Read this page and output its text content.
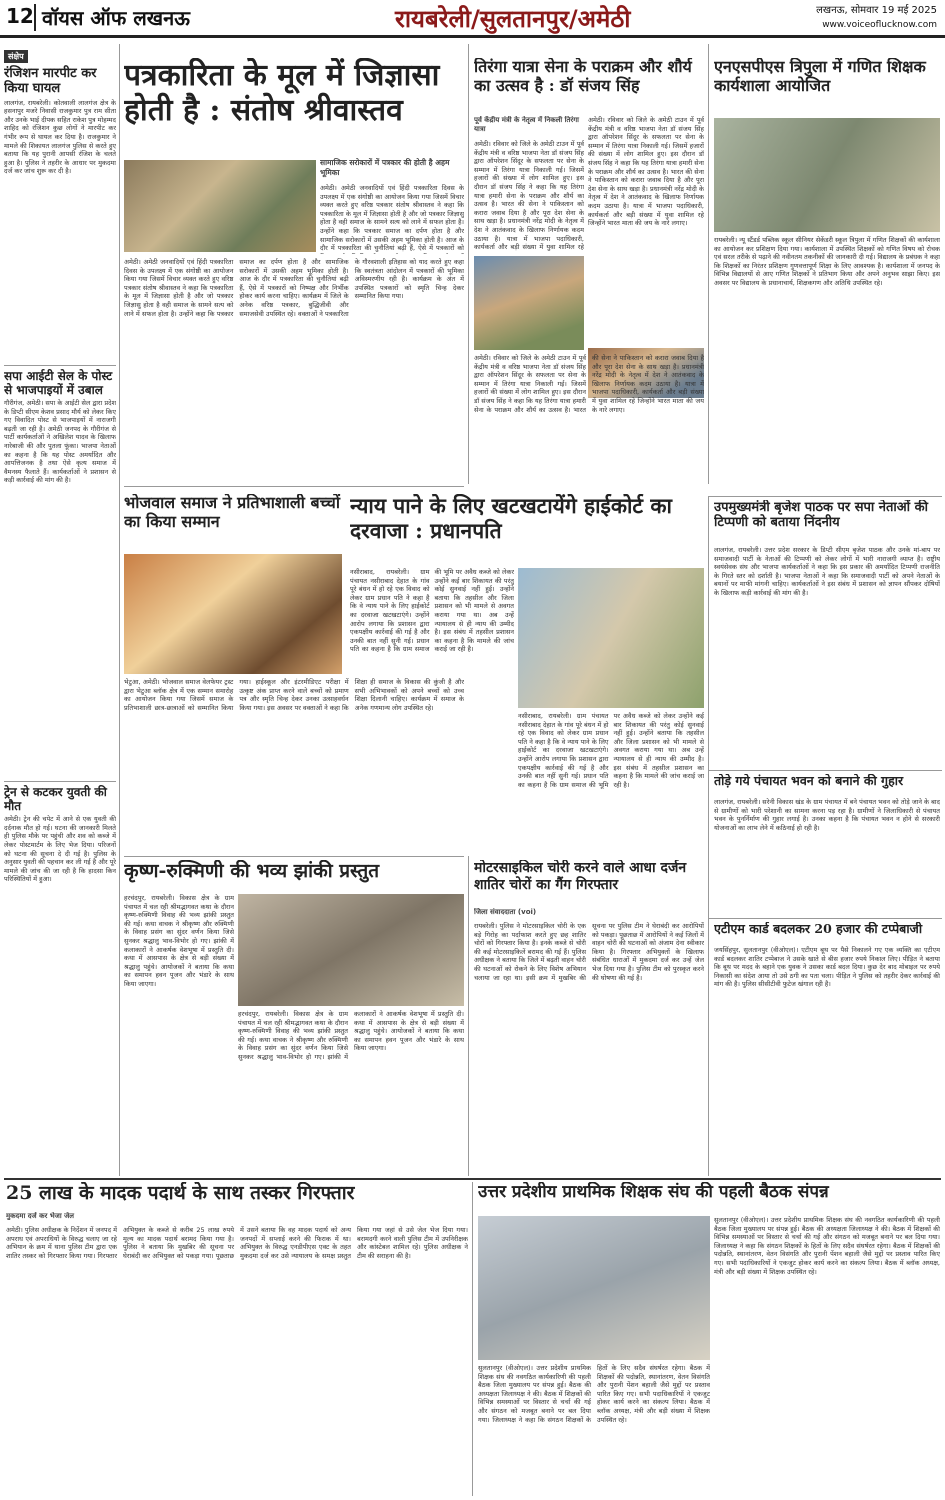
12 वॉयस ऑफ लखनऊ	रायबरेली/सुलतानपुर/अमेठी	लखनऊ, सोमवार 19 मई 2025
www.voiceoflucknow.com
संक्षेप
रंजिशन मारपीट कर किया घायल
लालगंज, रायबरेली। कोतवाली लालगंज क्षेत्र के हसनापुर मजरे निवासी राजकुमार पुत्र राम सीता और उनके भाई दीपक सहित राकेश पुत्र मोहम्मद शाहिद को रंजिशन कुछ लोगों ने मारपीट कर गंभीर रूप से घायल कर दिया है। राजकुमार ने मामले की शिकायत लालगंज पुलिस से करते हुए बताया कि यह पुरानी आपसी रंजिश के चलते हुआ है। पुलिस ने तहरीर के आधार पर मुकदमा दर्ज कर जांच शुरू कर दी है।
सपा आईटी सेल के पोस्ट से भाजपाइयों में उबाल
गौरीगंज, अमेठी। सपा के आईटी सेल द्वारा प्रदेश के डिप्टी सीएम केशव प्रसाद मौर्य को लेकर किए गए विवादित पोस्ट से भाजपाइयों में नाराजगी बढ़ती जा रही है। अमेठी जनपद के गौरीगंज से पार्टी कार्यकर्ताओं ने अखिलेश यादव के खिलाफ नारेबाजी की और पुतला फूंका। भाजपा नेताओं का कहना है कि यह पोस्ट अमर्यादित और आपत्तिजनक है तथा ऐसे कृत्य समाज में वैमनस्य फैलाते हैं। कार्यकर्ताओं ने प्रशासन से कड़ी कार्रवाई की मांग की है।
ट्रेन से कटकर युवती की मौत
अमेठी। ट्रेन की चपेट में आने से एक युवती की दर्दनाक मौत हो गई। घटना की जानकारी मिलते ही पुलिस मौके पर पहुंची और शव को कब्जे में लेकर पोस्टमार्टम के लिए भेज दिया। परिजनों को घटना की सूचना दे दी गई है। पुलिस के अनुसार युवती की पहचान कर ली गई है और पूरे मामले की जांच की जा रही है कि हादसा किन परिस्थितियों में हुआ।
पत्रकारिता के मूल में जिज्ञासा होती है : संतोष श्रीवास्तव
सामाजिक सरोकारों में पत्रकार की होती है अहम भूमिका
अमेठी। अमेठी जनवादियों एवं हिंदी पत्रकारिता दिवस के उपलक्ष्य में एक संगोष्ठी का आयोजन किया गया जिसमें विचार व्यक्त करते हुए वरिष्ठ पत्रकार संतोष श्रीवास्तव ने कहा कि पत्रकारिता के मूल में जिज्ञासा होती है और जो पत्रकार जिज्ञासु होता है वही समाज के सामने सत्य को लाने में सफल होता है। उन्होंने कहा कि पत्रकार समाज का दर्पण होता है और सामाजिक सरोकारों में उसकी अहम भूमिका होती है। आज के दौर में पत्रकारिता की चुनौतियां बढ़ी हैं, ऐसे में पत्रकारों को
अमेठी। अमेठी जनवादियों एवं हिंदी पत्रकारिता दिवस के उपलक्ष्य में एक संगोष्ठी का आयोजन किया गया जिसमें विचार व्यक्त करते हुए वरिष्ठ पत्रकार संतोष श्रीवास्तव ने कहा कि पत्रकारिता के मूल में जिज्ञासा होती है और जो पत्रकार जिज्ञासु होता है वही समाज के सामने सत्य को लाने में सफल होता है। उन्होंने कहा कि पत्रकार समाज का दर्पण होता है और सामाजिक सरोकारों में उसकी अहम भूमिका होती है। आज के दौर में पत्रकारिता की चुनौतियां बढ़ी हैं, ऐसे में पत्रकारों को निष्पक्ष और निर्भीक होकर कार्य करना चाहिए। कार्यक्रम में जिले के अनेक वरिष्ठ पत्रकार, बुद्धिजीवी और समाजसेवी उपस्थित रहे। वक्ताओं ने पत्रकारिता के गौरवशाली इतिहास को याद करते हुए कहा कि स्वतंत्रता आंदोलन में पत्रकारों की भूमिका अविस्मरणीय रही है। कार्यक्रम के अंत में उपस्थित पत्रकारों को स्मृति चिन्ह देकर सम्मानित किया गया।
तिरंगा यात्रा सेना के पराक्रम और शौर्य का उत्सव है : डॉ संजय सिंह
पूर्व केंद्रीय मंत्री के नेतृत्व में निकली तिरंगा यात्रा
अमेठी। रविवार को जिले के अमेठी टाउन में पूर्व केंद्रीय मंत्री व वरिष्ठ भाजपा नेता डॉ संजय सिंह द्वारा ऑपरेशन सिंदूर के सफलता पर सेना के सम्मान में तिरंगा यात्रा निकाली गई। जिसमें हजारों की संख्या में लोग शामिल हुए। इस दौरान डॉ संजय सिंह ने कहा कि यह तिरंगा यात्रा हमारी सेना के पराक्रम और शौर्य का उत्सव है। भारत की सेना ने पाकिस्तान को करारा जवाब दिया है और पूरा देश सेना के साथ खड़ा है। प्रधानमंत्री नरेंद्र मोदी के नेतृत्व में देश ने आतंकवाद के खिलाफ निर्णायक कदम उठाया है। यात्रा में भाजपा पदाधिकारी, कार्यकर्ता और बड़ी संख्या में युवा शामिल रहे
अमेठी। रविवार को जिले के अमेठी टाउन में पूर्व केंद्रीय मंत्री व वरिष्ठ भाजपा नेता डॉ संजय सिंह द्वारा ऑपरेशन सिंदूर के सफलता पर सेना के सम्मान में तिरंगा यात्रा निकाली गई। जिसमें हजारों की संख्या में लोग शामिल हुए। इस दौरान डॉ संजय सिंह ने कहा कि यह तिरंगा यात्रा हमारी सेना के पराक्रम और शौर्य का उत्सव है। भारत की सेना ने पाकिस्तान को करारा जवाब दिया है और पूरा देश सेना के साथ खड़ा है। प्रधानमंत्री नरेंद्र मोदी के नेतृत्व में देश ने आतंकवाद के खिलाफ निर्णायक कदम उठाया है। यात्रा में भाजपा पदाधिकारी, कार्यकर्ता और बड़ी संख्या में युवा शामिल रहे जिन्होंने भारत माता की जय के नारे लगाए।
अमेठी। रविवार को जिले के अमेठी टाउन में पूर्व केंद्रीय मंत्री व वरिष्ठ भाजपा नेता डॉ संजय सिंह द्वारा ऑपरेशन सिंदूर के सफलता पर सेना के सम्मान में तिरंगा यात्रा निकाली गई। जिसमें हजारों की संख्या में लोग शामिल हुए। इस दौरान डॉ संजय सिंह ने कहा कि यह तिरंगा यात्रा हमारी सेना के पराक्रम और शौर्य का उत्सव है। भारत की सेना ने पाकिस्तान को करारा जवाब दिया है और पूरा देश सेना के साथ खड़ा है। प्रधानमंत्री नरेंद्र मोदी के नेतृत्व में देश ने आतंकवाद के खिलाफ निर्णायक कदम उठाया है। यात्रा में भाजपा पदाधिकारी, कार्यकर्ता और बड़ी संख्या में युवा शामिल रहे जिन्होंने भारत माता की जय के नारे लगाए।
एनएसपीएस त्रिपुला में गणित शिक्षक कार्यशाला आयोजित
रायबरेली। न्यू स्टैंडर्ड पब्लिक स्कूल सीनियर सेकेंडरी स्कूल त्रिपुला में गणित शिक्षकों की कार्यशाला का आयोजन कर प्रशिक्षण दिया गया। कार्यशाला में उपस्थित शिक्षकों को गणित विषय को रोचक एवं सरल तरीके से पढ़ाने की नवीनतम तकनीकों की जानकारी दी गई। विद्यालय के प्रबंधक ने कहा कि शिक्षकों का निरंतर प्रशिक्षण गुणवत्तापूर्ण शिक्षा के लिए आवश्यक है। कार्यशाला में जनपद के विभिन्न विद्यालयों से आए गणित शिक्षकों ने प्रतिभाग किया और अपने अनुभव साझा किए। इस अवसर पर विद्यालय के प्रधानाचार्य, शिक्षकगण और अतिथि उपस्थित रहे।
भोजवाल समाज ने प्रतिभाशाली बच्चों का किया सम्मान
भेटुआ, अमेठी। भोजवाल समाज वेलफेयर ट्रस्ट द्वारा भेटुआ ब्लॉक क्षेत्र में एक सम्मान समारोह का आयोजन किया गया जिसमें समाज के प्रतिभाशाली छात्र-छात्राओं को सम्मानित किया गया। हाईस्कूल और इंटरमीडिएट परीक्षा में उत्कृष्ट अंक प्राप्त करने वाले बच्चों को प्रमाण पत्र और स्मृति चिन्ह देकर उनका उत्साहवर्धन किया गया। इस अवसर पर वक्ताओं ने कहा कि शिक्षा ही समाज के विकास की कुंजी है और सभी अभिभावकों को अपने बच्चों को उच्च शिक्षा दिलानी चाहिए। कार्यक्रम में समाज के अनेक गणमान्य लोग उपस्थित रहे।
न्याय पाने के लिए खटखटायेंगे हाईकोर्ट का दरवाजा : प्रधानपति
नसीराबाद, रायबरेली। ग्राम पंचायत नसीराबाद देहात के गांव पूरे बंधन में हो रहे एक विवाद को लेकर ग्राम प्रधान पति ने कहा है कि वे न्याय पाने के लिए हाईकोर्ट का दरवाजा खटखटाएंगे। उन्होंने आरोप लगाया कि प्रशासन द्वारा एकपक्षीय कार्रवाई की गई है और उनकी बात नहीं सुनी गई। प्रधान पति का कहना है कि ग्राम समाज की भूमि पर अवैध कब्जे को लेकर उन्होंने कई बार शिकायत की परंतु कोई सुनवाई नहीं हुई। उन्होंने बताया कि तहसील और जिला प्रशासन को भी मामले से अवगत कराया गया था। अब उन्हें न्यायालय से ही न्याय की उम्मीद है। इस संबंध में तहसील प्रशासन का कहना है कि मामले की जांच कराई जा रही है।
नसीराबाद, रायबरेली। ग्राम पंचायत नसीराबाद देहात के गांव पूरे बंधन में हो रहे एक विवाद को लेकर ग्राम प्रधान पति ने कहा है कि वे न्याय पाने के लिए हाईकोर्ट का दरवाजा खटखटाएंगे। उन्होंने आरोप लगाया कि प्रशासन द्वारा एकपक्षीय कार्रवाई की गई है और उनकी बात नहीं सुनी गई। प्रधान पति का कहना है कि ग्राम समाज की भूमि पर अवैध कब्जे को लेकर उन्होंने कई बार शिकायत की परंतु कोई सुनवाई नहीं हुई। उन्होंने बताया कि तहसील और जिला प्रशासन को भी मामले से अवगत कराया गया था। अब उन्हें न्यायालय से ही न्याय की उम्मीद है। इस संबंध में तहसील प्रशासन का कहना है कि मामले की जांच कराई जा रही है।
उपमुख्यमंत्री बृजेश पाठक पर सपा नेताओं की टिप्पणी को बताया निंदनीय
लालगंज, रायबरेली। उत्तर प्रदेश सरकार के डिप्टी सीएम बृजेश पाठक और उनके मां-बाप पर समाजवादी पार्टी के नेताओं की टिप्पणी को लेकर लोगों में भारी नाराजगी व्याप्त है। राष्ट्रीय स्वयंसेवक संघ और भाजपा कार्यकर्ताओं ने कहा कि इस प्रकार की अमर्यादित टिप्पणी राजनीति के गिरते स्तर को दर्शाती है। भाजपा नेताओं ने कहा कि समाजवादी पार्टी को अपने नेताओं के बयानों पर माफी मांगनी चाहिए। कार्यकर्ताओं ने इस संबंध में प्रशासन को ज्ञापन सौंपकर दोषियों के खिलाफ कड़ी कार्रवाई की मांग की है।
तोड़े गये पंचायत भवन को बनाने की गुहार
लालगंज, रायबरेली। सरेनी विकास खंड के ग्राम पंचायत में बने पंचायत भवन को तोड़े जाने के बाद से ग्रामीणों को भारी परेशानी का सामना करना पड़ रहा है। ग्रामीणों ने जिलाधिकारी से पंचायत भवन के पुनर्निर्माण की गुहार लगाई है। उनका कहना है कि पंचायत भवन न होने से सरकारी योजनाओं का लाभ लेने में कठिनाई हो रही है।
एटीएम कार्ड बदलकर 20 हजार की टप्पेबाजी
जयसिंहपुर, सुलतानपुर (वीओएल)। एटीएम बूथ पर पैसे निकालने गए एक व्यक्ति का एटीएम कार्ड बदलकर शातिर टप्पेबाज ने उसके खाते से बीस हजार रुपये निकाल लिए। पीड़ित ने बताया कि बूथ पर मदद के बहाने एक युवक ने उसका कार्ड बदल दिया। कुछ देर बाद मोबाइल पर रुपये निकासी का संदेश आया तो उसे ठगी का पता चला। पीड़ित ने पुलिस को तहरीर देकर कार्रवाई की मांग की है। पुलिस सीसीटीवी फुटेज खंगाल रही है।
कृष्ण-रुक्मिणी की भव्य झांकी प्रस्तुत
हरचंदपुर, रायबरेली। विकास क्षेत्र के ग्राम पंचायत में चल रही श्रीमद्भागवत कथा के दौरान कृष्ण-रुक्मिणी विवाह की भव्य झांकी प्रस्तुत की गई। कथा वाचक ने श्रीकृष्ण और रुक्मिणी के विवाह प्रसंग का सुंदर वर्णन किया जिसे सुनकर श्रद्धालु भाव-विभोर हो गए। झांकी में कलाकारों ने आकर्षक वेशभूषा में प्रस्तुति दी। कथा में आसपास के क्षेत्र से बड़ी संख्या में श्रद्धालु पहुंचे। आयोजकों ने बताया कि कथा का समापन हवन पूजन और भंडारे के साथ किया जाएगा।
हरचंदपुर, रायबरेली। विकास क्षेत्र के ग्राम पंचायत में चल रही श्रीमद्भागवत कथा के दौरान कृष्ण-रुक्मिणी विवाह की भव्य झांकी प्रस्तुत की गई। कथा वाचक ने श्रीकृष्ण और रुक्मिणी के विवाह प्रसंग का सुंदर वर्णन किया जिसे सुनकर श्रद्धालु भाव-विभोर हो गए। झांकी में कलाकारों ने आकर्षक वेशभूषा में प्रस्तुति दी। कथा में आसपास के क्षेत्र से बड़ी संख्या में श्रद्धालु पहुंचे। आयोजकों ने बताया कि कथा का समापन हवन पूजन और भंडारे के साथ किया जाएगा।
मोटरसाइकिल चोरी करने वाले आधा दर्जन शातिर चोरों का गैंग गिरफ्तार
जिला संवाददाता (voi)
रायबरेली। पुलिस ने मोटरसाइकिल चोरी के एक बड़े गिरोह का पर्दाफाश करते हुए छह शातिर चोरों को गिरफ्तार किया है। इनके कब्जे से चोरी की कई मोटरसाइकिलें बरामद की गई हैं। पुलिस अधीक्षक ने बताया कि जिले में बढ़ती वाहन चोरी की घटनाओं को रोकने के लिए विशेष अभियान चलाया जा रहा था। इसी क्रम में मुखबिर की सूचना पर पुलिस टीम ने घेराबंदी कर आरोपियों को पकड़ा। पूछताछ में आरोपियों ने कई जिलों में वाहन चोरी की घटनाओं को अंजाम देना स्वीकार किया है। गिरफ्तार अभियुक्तों के खिलाफ संबंधित धाराओं में मुकदमा दर्ज कर उन्हें जेल भेज दिया गया है। पुलिस टीम को पुरस्कृत करने की घोषणा की गई है।
25 लाख के मादक पदार्थ के साथ तस्कर गिरफ्तार
मुकदमा दर्ज कर भेजा जेल
अमेठी। पुलिस अधीक्षक के निर्देशन में जनपद में अपराध एवं अपराधियों के विरुद्ध चलाए जा रहे अभियान के क्रम में थाना पुलिस टीम द्वारा एक शातिर तस्कर को गिरफ्तार किया गया। गिरफ्तार अभियुक्त के कब्जे से करीब 25 लाख रुपये मूल्य का मादक पदार्थ बरामद किया गया है। पुलिस ने बताया कि मुखबिर की सूचना पर घेराबंदी कर अभियुक्त को पकड़ा गया। पूछताछ में उसने बताया कि वह मादक पदार्थ को अन्य जनपदों में सप्लाई करने की फिराक में था। अभियुक्त के विरुद्ध एनडीपीएस एक्ट के तहत मुकदमा दर्ज कर उसे न्यायालय के समक्ष प्रस्तुत किया गया जहां से उसे जेल भेज दिया गया। बरामदगी करने वाली पुलिस टीम में उपनिरीक्षक और कांस्टेबल शामिल रहे। पुलिस अधीक्षक ने टीम की सराहना की है।
उत्तर प्रदेशीय प्राथमिक शिक्षक संघ की पहली बैठक संपन्न
सुलतानपुर (वीओएल)। उत्तर प्रदेशीय प्राथमिक शिक्षक संघ की नवगठित कार्यकारिणी की पहली बैठक जिला मुख्यालय पर संपन्न हुई। बैठक की अध्यक्षता जिलाध्यक्ष ने की। बैठक में शिक्षकों की विभिन्न समस्याओं पर विस्तार से चर्चा की गई और संगठन को मजबूत बनाने पर बल दिया गया। जिलाध्यक्ष ने कहा कि संगठन शिक्षकों के हितों के लिए सदैव संघर्षरत रहेगा। बैठक में शिक्षकों की पदोन्नति, स्थानांतरण, वेतन विसंगति और पुरानी पेंशन बहाली जैसे मुद्दों पर प्रस्ताव पारित किए गए। सभी पदाधिकारियों ने एकजुट होकर कार्य करने का संकल्प लिया। बैठक में ब्लॉक अध्यक्ष, मंत्री और बड़ी संख्या में शिक्षक उपस्थित रहे।
सुलतानपुर (वीओएल)। उत्तर प्रदेशीय प्राथमिक शिक्षक संघ की नवगठित कार्यकारिणी की पहली बैठक जिला मुख्यालय पर संपन्न हुई। बैठक की अध्यक्षता जिलाध्यक्ष ने की। बैठक में शिक्षकों की विभिन्न समस्याओं पर विस्तार से चर्चा की गई और संगठन को मजबूत बनाने पर बल दिया गया। जिलाध्यक्ष ने कहा कि संगठन शिक्षकों के हितों के लिए सदैव संघर्षरत रहेगा। बैठक में शिक्षकों की पदोन्नति, स्थानांतरण, वेतन विसंगति और पुरानी पेंशन बहाली जैसे मुद्दों पर प्रस्ताव पारित किए गए। सभी पदाधिकारियों ने एकजुट होकर कार्य करने का संकल्प लिया। बैठक में ब्लॉक अध्यक्ष, मंत्री और बड़ी संख्या में शिक्षक उपस्थित रहे।
